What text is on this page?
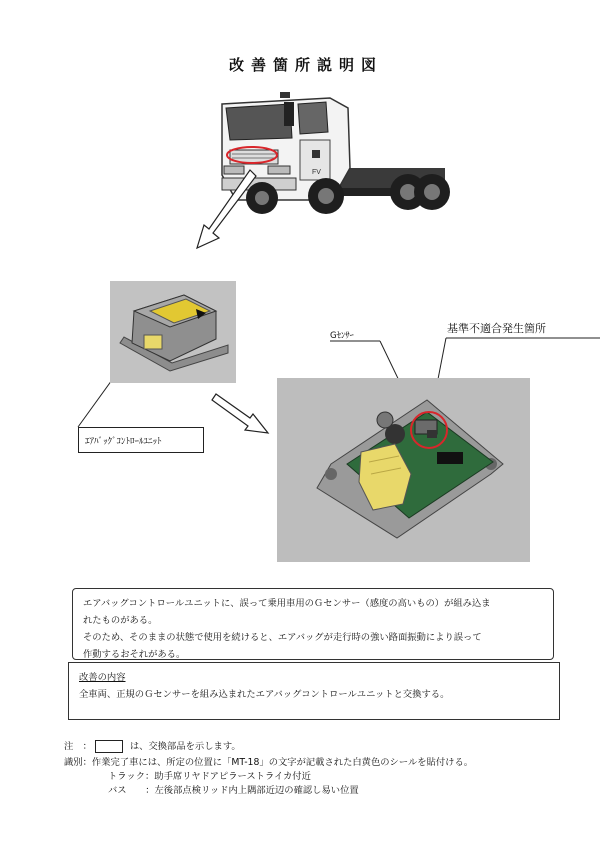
改善箇所説明図
FV
Gｾﾝｻｰ
基準不適合発生箇所
ｴｱﾊﾞｯｸﾞｺﾝﾄﾛｰﾙﾕﾆｯﾄ
エアバッグコントロールユニットに、誤って乗用車用のＧセンサー（感度の高いもの）が組み込ま
れたものがある。
そのため、そのままの状態で使用を続けると、エアバッグが走行時の強い路面振動により誤って
作動するおそれがある。
改善の内容
全車両、正規のＧセンサーを組み込まれたエアバッグコントロールユニットと交換する。
注　：	は、交換部品を示します。
識別：作業完了車には、所定の位置に「MT-18」の文字が記載された白黄色のシールを貼付ける。
トラック：助手席リヤドアピラーストライカ付近
バス　　：左後部点検リッド内上隅部近辺の確認し易い位置
